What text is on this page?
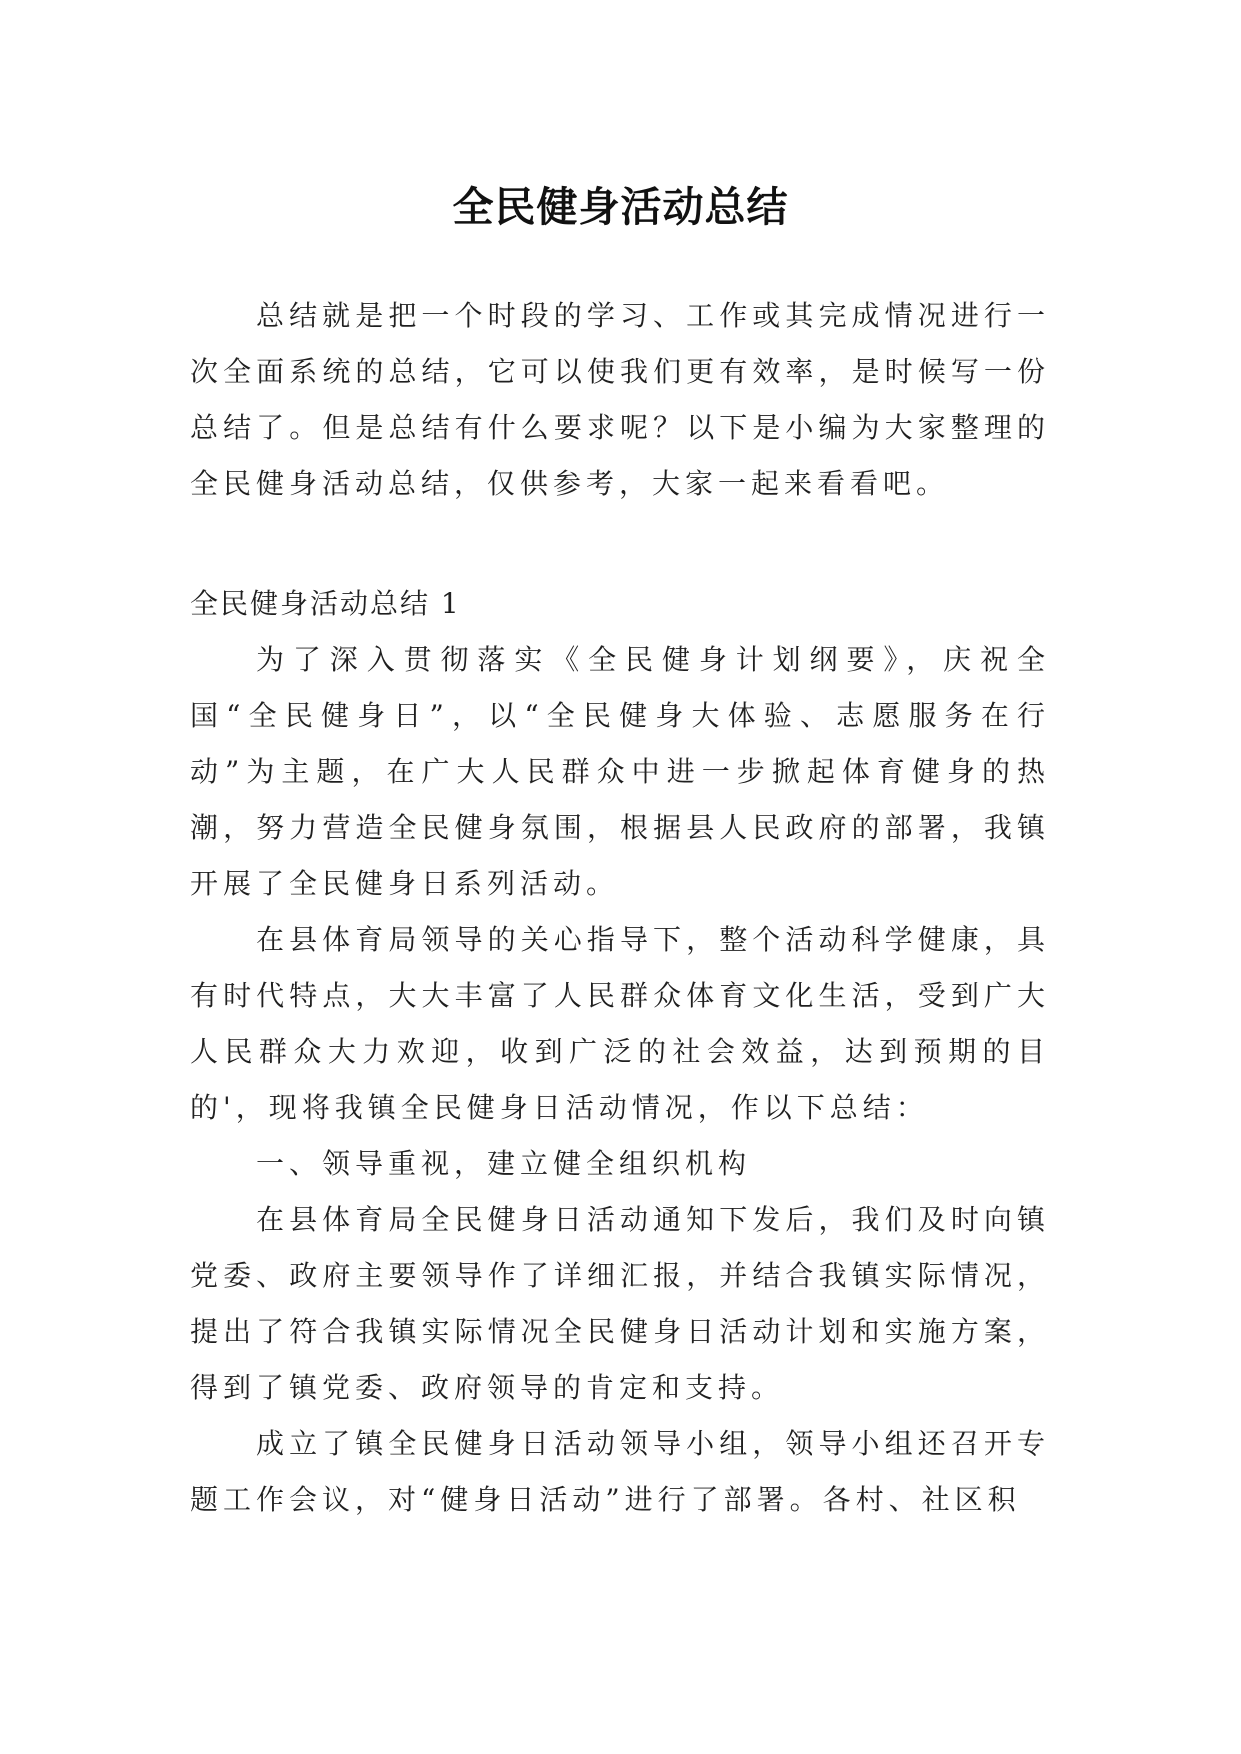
全民健身活动总结

总结就是把一个时段的学习、工作或其完成情况进行一次全面系统的总结，它可以使我们更有效率，是时候写一份总结了。但是总结有什么要求呢？以下是小编为大家整理的全民健身活动总结，仅供参考，大家一起来看看吧。

全民健身活动总结 1

为了深入贯彻落实《全民健身计划纲要》，庆祝全国“全民健身日”，以“全民健身大体验、志愿服务在行动”为主题，在广大人民群众中进一步掀起体育健身的热潮，努力营造全民健身氛围，根据县人民政府的部署，我镇开展了全民健身日系列活动。

在县体育局领导的关心指导下，整个活动科学健康，具有时代特点，大大丰富了人民群众体育文化生活，受到广大人民群众大力欢迎，收到广泛的社会效益，达到预期的目的'，现将我镇全民健身日活动情况，作以下总结：

一、领导重视，建立健全组织机构

在县体育局全民健身日活动通知下发后，我们及时向镇党委、政府主要领导作了详细汇报，并结合我镇实际情况，提出了符合我镇实际情况全民健身日活动计划和实施方案，得到了镇党委、政府领导的肯定和支持。

成立了镇全民健身日活动领导小组，领导小组还召开专题工作会议，对“健身日活动”进行了部署。各村、社区积
